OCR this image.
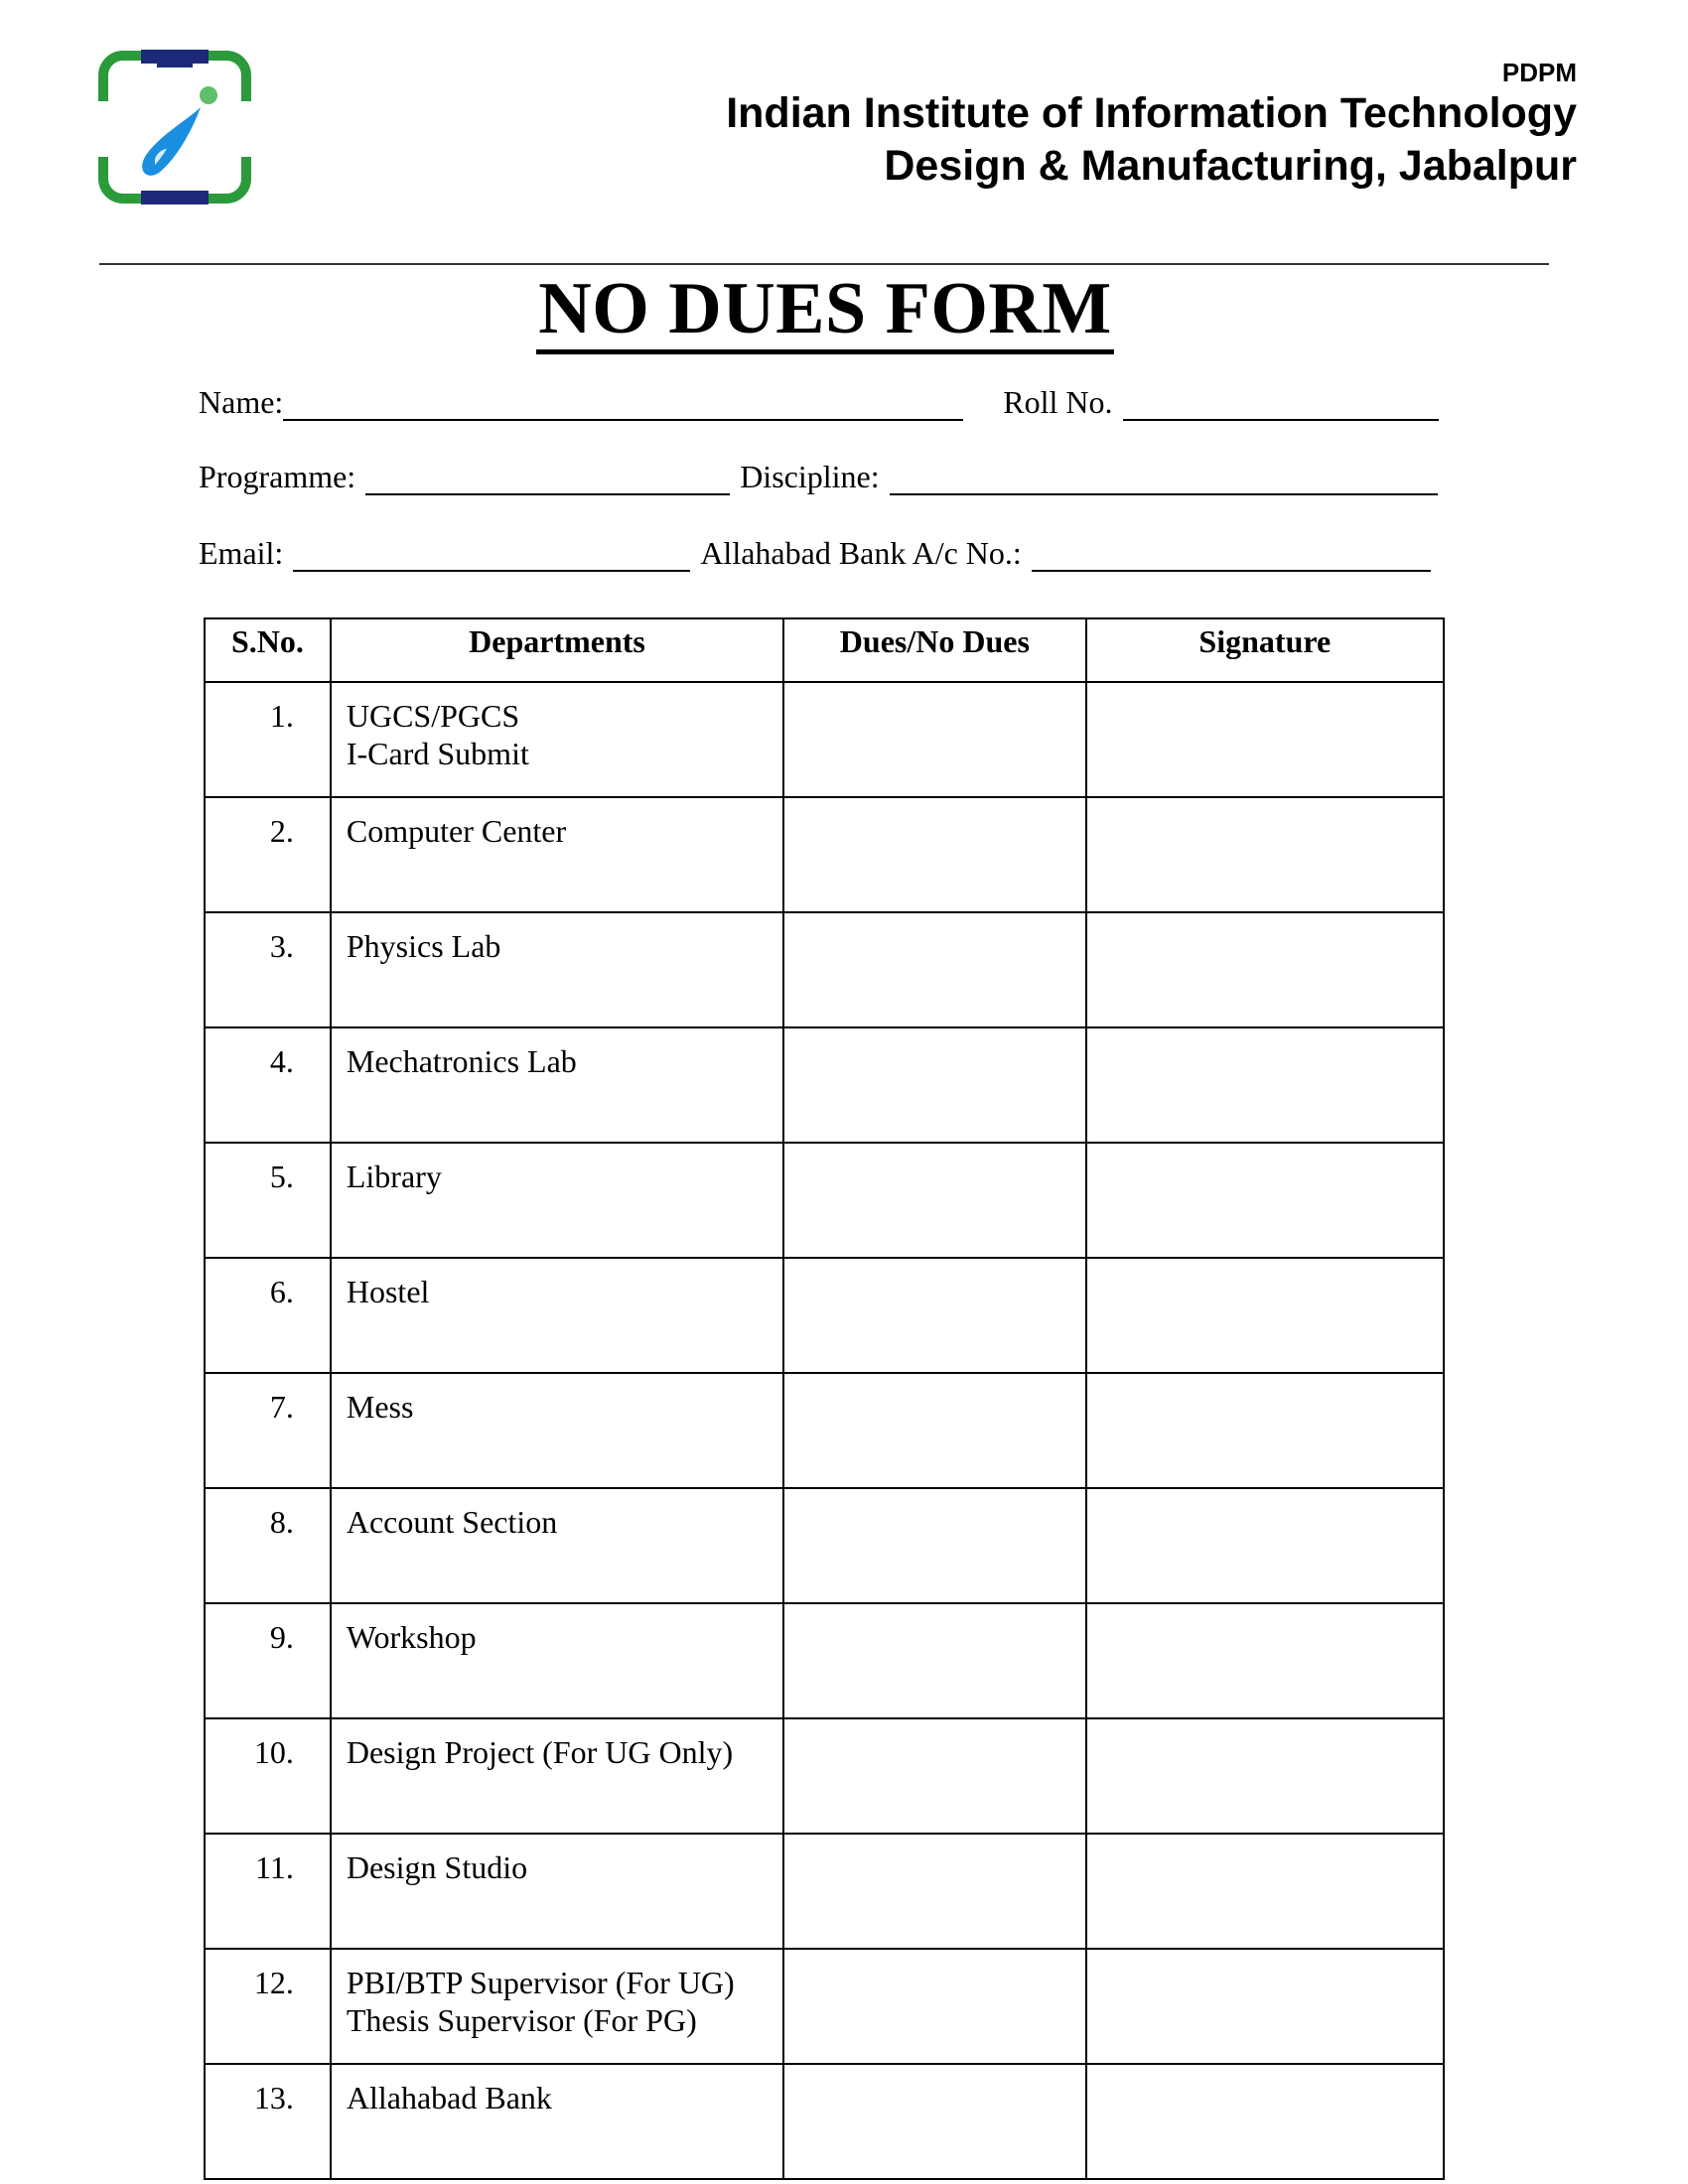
PDPM
Indian Institute of Information Technology
Design & Manufacturing, Jabalpur
NO DUES FORM
Name:	Roll No.
Programme:	Discipline:
Email:	Allahabad Bank A/c No.:
S.No.	Departments	Dues/No Dues	Signature
1.	UGCS/PGCS
I-Card Submit		

2.	Computer Center		

3.	Physics Lab		

4.	Mechatronics Lab		

5.	Library		

6.	Hostel		

7.	Mess		

8.	Account Section		

9.	Workshop		

10.	Design Project (For UG Only)		

11.	Design Studio		

12.	PBI/BTP Supervisor (For UG)
Thesis Supervisor (For PG)		

13.	Allahabad Bank		
